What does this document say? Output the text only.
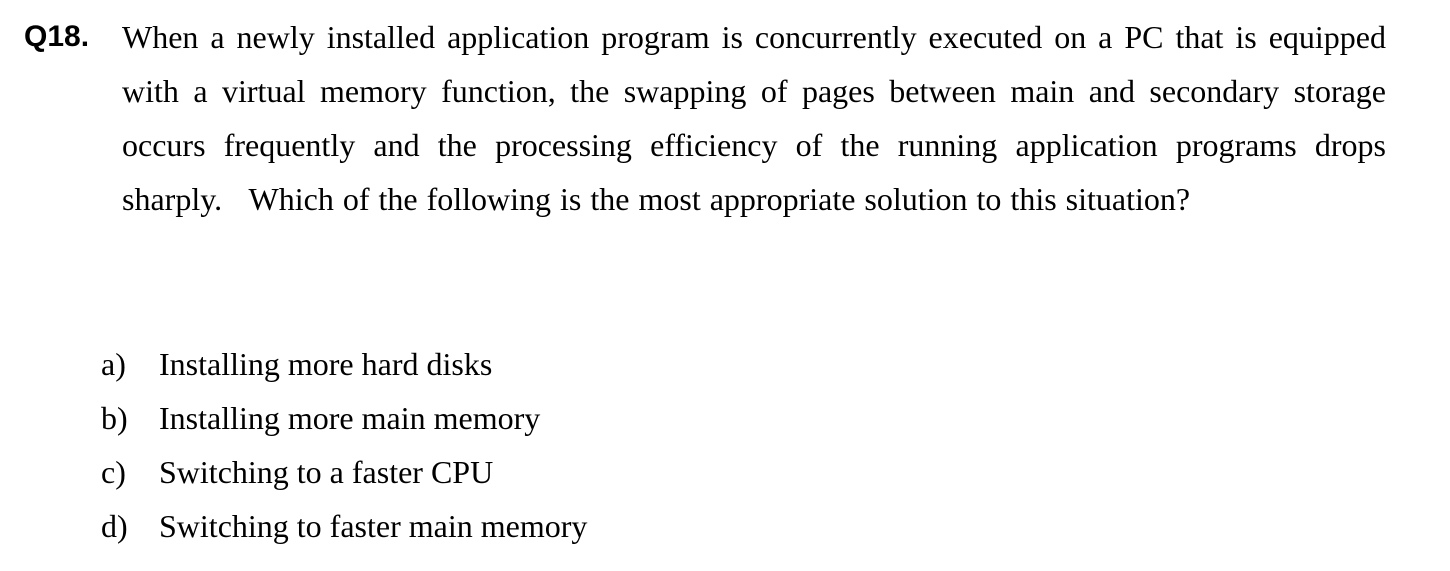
Q18. When a newly installed application program is concurrently executed on a PC that is equipped with a virtual memory function, the swapping of pages between main and secondary storage occurs frequently and the processing efficiency of the running application programs drops sharply.   Which of the following is the most appropriate solution to this situation?
a)	Installing more hard disks
b) Installing more main memory
c)	Switching to a faster CPU
d) Switching to faster main memory
